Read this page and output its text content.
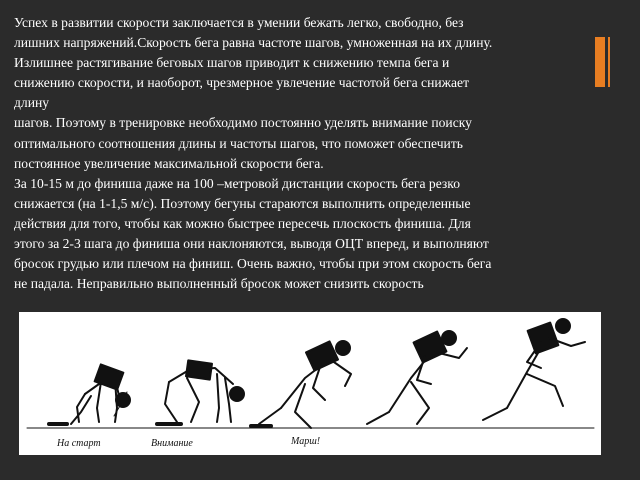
Успех в развитии скорости заключается в умении бежать легко, свободно, без
лишних напряжений.Скорость бега равна частоте шагов, умноженная на их длину.
Излишнее растягивание беговых шагов приводит к снижению темпа бега и
снижению скорости, и наоборот, чрезмерное увлечение частотой бега снижает
длину
шагов. Поэтому в тренировке необходимо постоянно уделять внимание поиску
оптимального соотношения длины и частоты шагов, что поможет обеспечить
постоянное увеличение максимальной скорости бега.
За 10-15 м до финиша даже на 100 –метровой дистанции скорость бега резко
снижается (на 1-1,5 м/с). Поэтому бегуны стараются выполнить определенные
действия для того, чтобы как можно быстрее пересечь плоскость финиша. Для
этого за 2-3 шага до финиша они наклоняются, выводя ОЦТ вперед, и выполняют
бросок грудью или плечом на финиш. Очень важно, чтобы при этом скорость бега
не падала. Неправильно выполненный бросок может снизить скорость
На старт	Внимание	Марш!
